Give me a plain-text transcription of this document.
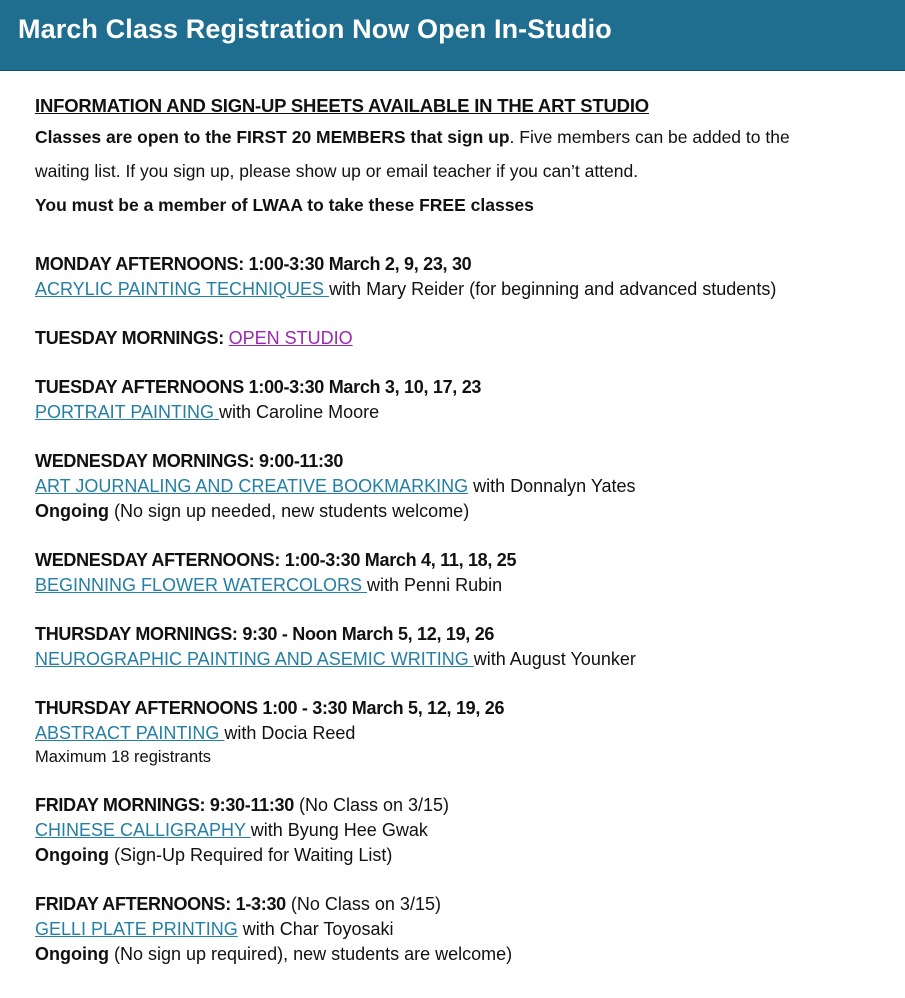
March Class Registration Now Open In-Studio
INFORMATION AND SIGN-UP SHEETS AVAILABLE IN THE ART STUDIO
Classes are open to the FIRST 20 MEMBERS that sign up. Five members can be added to the
waiting list. If you sign up, please show up or email teacher if you can’t attend.
You must be a member of LWAA to take these FREE classes
MONDAY AFTERNOONS: 1:00-3:30 March 2, 9, 23, 30
ACRYLIC PAINTING TECHNIQUES with Mary Reider (for beginning and advanced students)
TUESDAY MORNINGS: OPEN STUDIO
TUESDAY AFTERNOONS 1:00-3:30 March 3, 10, 17, 23
PORTRAIT PAINTING with Caroline Moore
WEDNESDAY MORNINGS: 9:00-11:30
ART JOURNALING AND CREATIVE BOOKMARKING with Donnalyn Yates
Ongoing (No sign up needed, new students welcome)
WEDNESDAY AFTERNOONS: 1:00-3:30 March 4, 11, 18, 25
BEGINNING FLOWER WATERCOLORS with Penni Rubin
THURSDAY MORNINGS: 9:30 - Noon March 5, 12, 19, 26
NEUROGRAPHIC PAINTING AND ASEMIC WRITING with August Younker
THURSDAY AFTERNOONS 1:00 - 3:30 March 5, 12, 19, 26
ABSTRACT PAINTING with Docia Reed
Maximum 18 registrants
FRIDAY MORNINGS: 9:30-11:30 (No Class on 3/15)
CHINESE CALLIGRAPHY with Byung Hee Gwak
Ongoing (Sign-Up Required for Waiting List)
FRIDAY AFTERNOONS: 1-3:30 (No Class on 3/15)
GELLI PLATE PRINTING with Char Toyosaki
Ongoing (No sign up required), new students are welcome)
